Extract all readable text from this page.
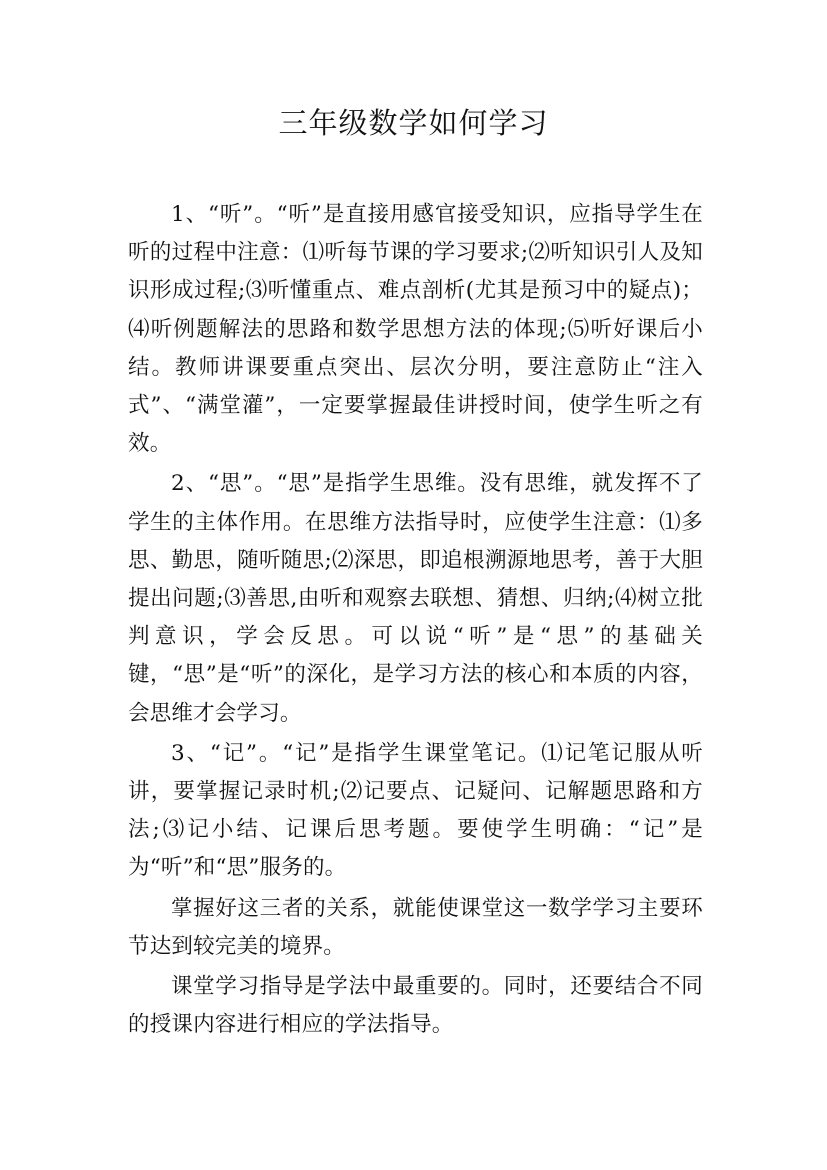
三年级数学如何学习

1、“听”。“听”是直接用感官接受知识，应指导学生在听的过程中注意：⑴听每节课的学习要求;⑵听知识引人及知识形成过程;⑶听懂重点、难点剖析(尤其是预习中的疑点)；⑷听例题解法的思路和数学思想方法的体现;⑸听好课后小结。教师讲课要重点突出、层次分明，要注意防止“注入式”、“满堂灌”，一定要掌握最佳讲授时间，使学生听之有效。

2、“思”。“思”是指学生思维。没有思维，就发挥不了学生的主体作用。在思维方法指导时，应使学生注意：⑴多思、勤思，随听随思;⑵深思，即追根溯源地思考，善于大胆提出问题;⑶善思,由听和观察去联想、猜想、归纳;⑷树立批判意识，学会反思。可以说“听”是“思”的基础关键，“思”是“听”的深化，是学习方法的核心和本质的内容，会思维才会学习。

3、“记”。“记”是指学生课堂笔记。⑴记笔记服从听讲，要掌握记录时机;⑵记要点、记疑问、记解题思路和方法;⑶记小结、记课后思考题。要使学生明确：“记”是为“听”和“思”服务的。

掌握好这三者的关系，就能使课堂这一数学学习主要环节达到较完美的境界。

课堂学习指导是学法中最重要的。同时，还要结合不同的授课内容进行相应的学法指导。
